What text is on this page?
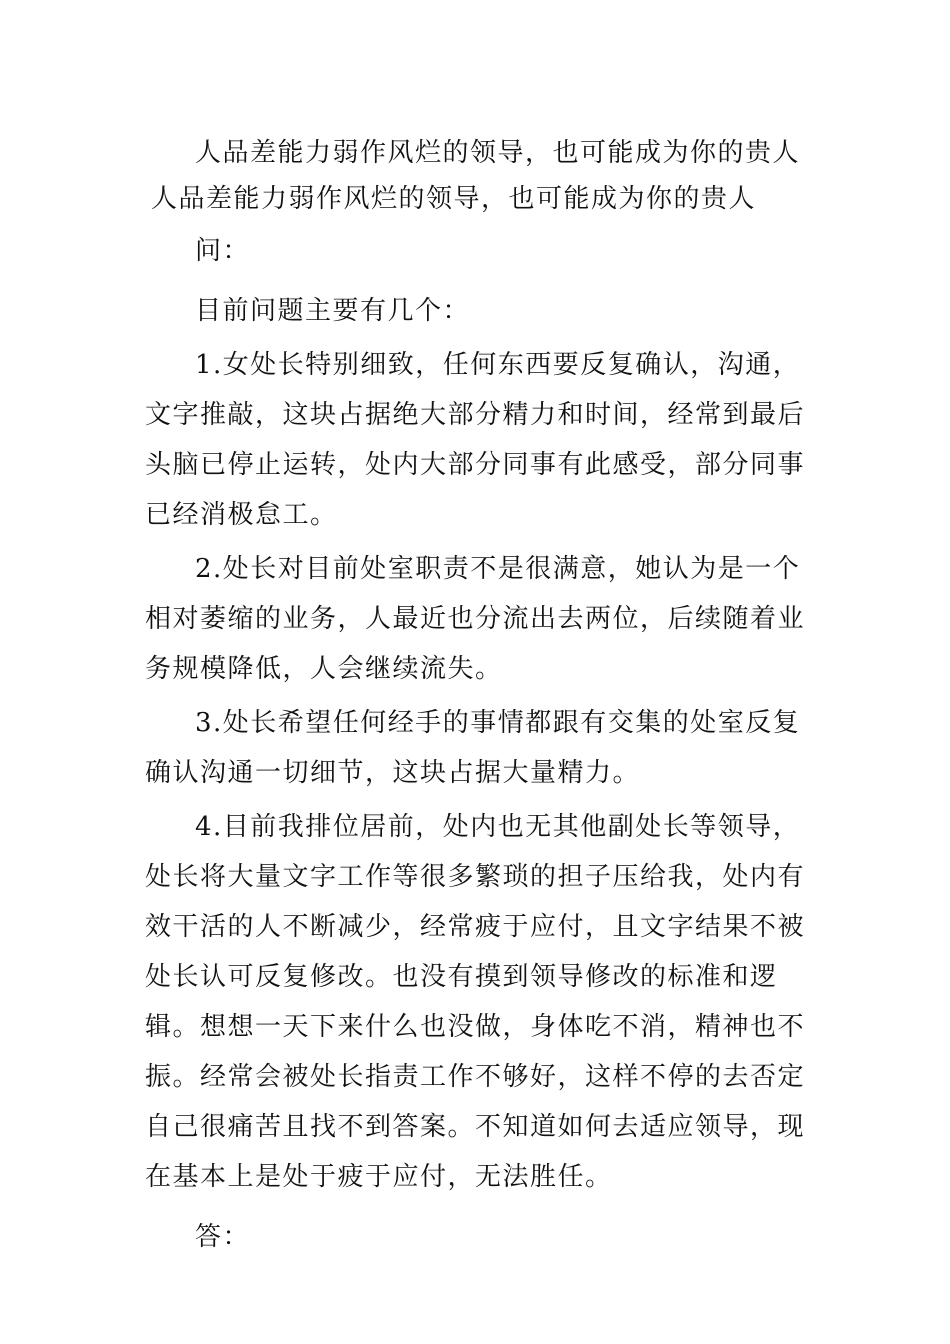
人品差能力弱作风烂的领导，也可能成为你的贵人

人品差能力弱作风烂的领导，也可能成为你的贵人

问：

目前问题主要有几个：

1.女处长特别细致，任何东西要反复确认，沟通，文字推敲，这块占据绝大部分精力和时间，经常到最后头脑已停止运转，处内大部分同事有此感受，部分同事已经消极怠工。

2.处长对目前处室职责不是很满意，她认为是一个相对萎缩的业务，人最近也分流出去两位，后续随着业务规模降低，人会继续流失。

3.处长希望任何经手的事情都跟有交集的处室反复确认沟通一切细节，这块占据大量精力。

4.目前我排位居前，处内也无其他副处长等领导，处长将大量文字工作等很多繁琐的担子压给我，处内有效干活的人不断减少，经常疲于应付，且文字结果不被处长认可反复修改。也没有摸到领导修改的标准和逻辑。想想一天下来什么也没做，身体吃不消，精神也不振。经常会被处长指责工作不够好，这样不停的去否定自己很痛苦且找不到答案。不知道如何去适应领导，现在基本上是处于疲于应付，无法胜任。

答：
